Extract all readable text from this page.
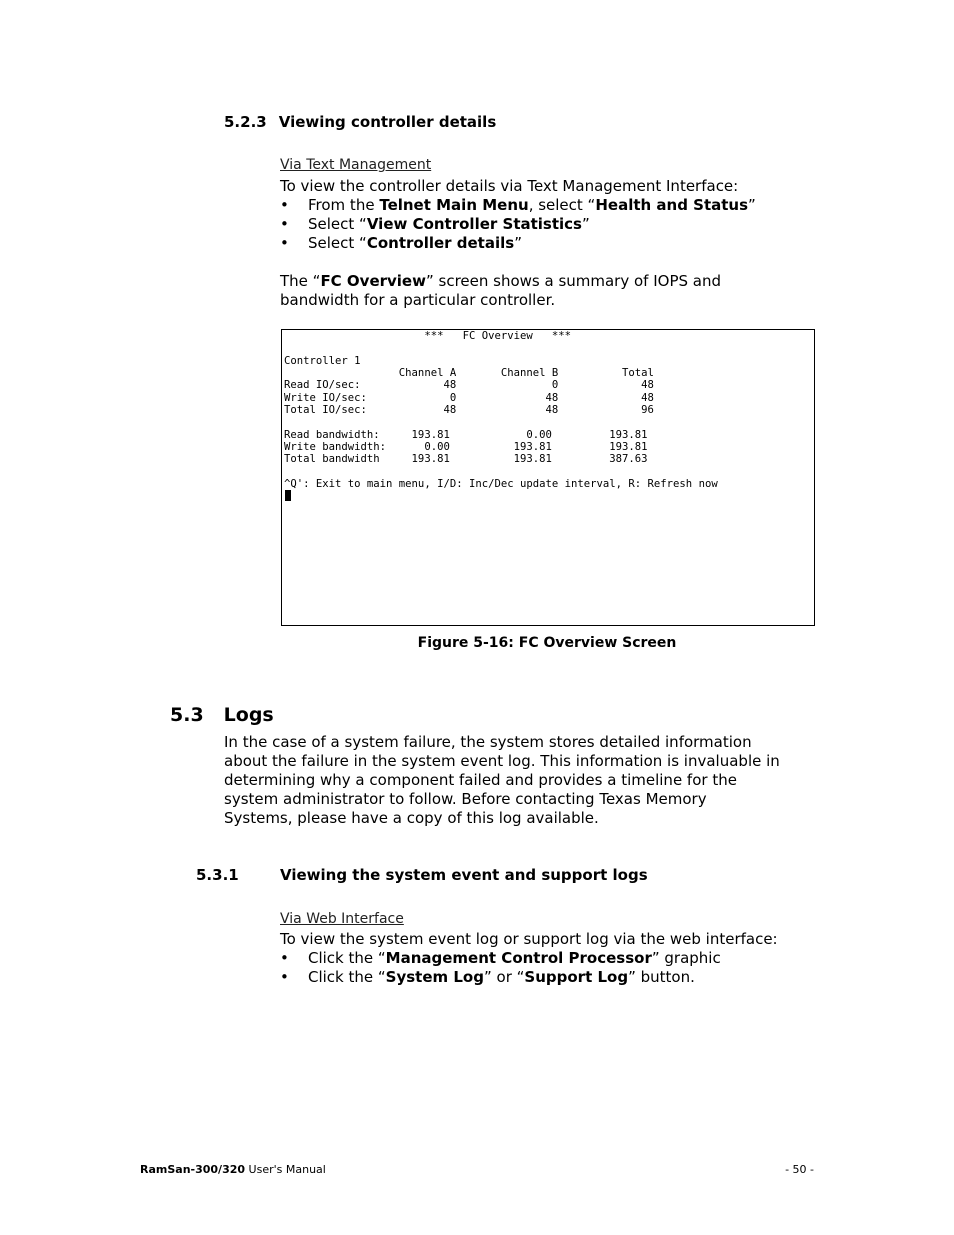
5.2.3 Viewing controller details
Via Text Management
To view the controller details via Text Management Interface:
• From the Telnet Main Menu, select “Health and Status”
• Select “View Controller Statistics”
• Select “Controller details”
The “FC Overview” screen shows a summary of IOPS and
bandwidth for a particular controller.
***   FC Overview   ***

Controller 1
Channel A       Channel B          Total
Read IO/sec:             48               0             48
Write IO/sec:             0              48             48
Total IO/sec:            48              48             96

Read bandwidth:     193.81            0.00         193.81
Write bandwidth:      0.00          193.81         193.81
Total bandwidth     193.81          193.81         387.63

^Q': Exit to main menu, I/D: Inc/Dec update interval, R: Refresh now
Figure 5-16: FC Overview Screen
5.3 Logs
In the case of a system failure, the system stores detailed information
about the failure in the system event log. This information is invaluable in
determining why a component failed and provides a timeline for the
system administrator to follow. Before contacting Texas Memory
Systems, please have a copy of this log available.
5.3.1	Viewing the system event and support logs
Via Web Interface
To view the system event log or support log via the web interface:
• Click the “Management Control Processor” graphic
• Click the “System Log” or “Support Log” button.
RamSan-300/320 User's Manual	- 50 -
